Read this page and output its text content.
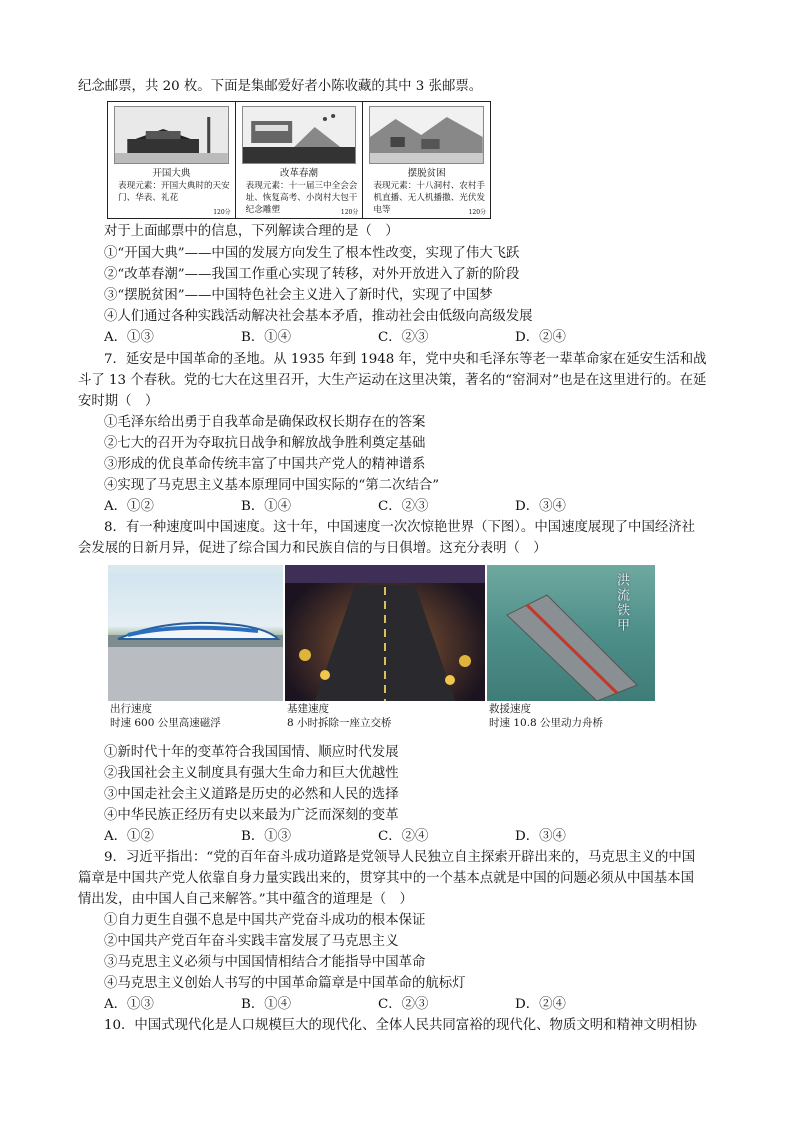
纪念邮票，共 20 枚。下面是集邮爱好者小陈收藏的其中 3 张邮票。
开国大典
表现元素：开国大典时的天安门、华表、礼花
120分
改革春潮
表现元素：十一届三中全会会址、恢复高考、小岗村大包干纪念雕塑	120分
摆脱贫困
表现元素：十八洞村、农村手机直播、无人机播撒、光伏发电等	120分
对于上面邮票中的信息，下列解读合理的是（　）
①“开国大典”——中国的发展方向发生了根本性改变，实现了伟大飞跃
②“改革春潮”——我国工作重心实现了转移，对外开放进入了新的阶段
③“摆脱贫困”——中国特色社会主义进入了新时代，实现了中国梦
④人们通过各种实践活动解决社会基本矛盾，推动社会由低级向高级发展
A．①③	B．①④	C．②③	D．②④
7．延安是中国革命的圣地。从 1935 年到 1948 年，党中央和毛泽东等老一辈革命家在延安生活和战
斗了 13 个春秋。党的七大在这里召开，大生产运动在这里决策，著名的“窑洞对”也是在这里进行的。在延
安时期（　）
①毛泽东给出勇于自我革命是确保政权长期存在的答案
②七大的召开为夺取抗日战争和解放战争胜利奠定基础
③形成的优良革命传统丰富了中国共产党人的精神谱系
④实现了马克思主义基本原理同中国实际的“第二次结合”
A．①②	B．①④	C．②③	D．③④
8．有一种速度叫中国速度。这十年，中国速度一次次惊艳世界（下图）。中国速度展现了中国经济社
会发展的日新月异，促进了综合国力和民族自信的与日俱增。这充分表明（　）
洪流铁甲
出行速度
时速 600 公里高速磁浮
基建速度
8 小时拆除一座立交桥
救援速度
时速 10.8 公里动力舟桥
①新时代十年的变革符合我国国情、顺应时代发展
②我国社会主义制度具有强大生命力和巨大优越性
③中国走社会主义道路是历史的必然和人民的选择
④中华民族正经历有史以来最为广泛而深刻的变革
A．①②	B．①③	C．②④	D．③④
9．习近平指出：“党的百年奋斗成功道路是党领导人民独立自主探索开辟出来的，马克思主义的中国
篇章是中国共产党人依靠自身力量实践出来的，贯穿其中的一个基本点就是中国的问题必须从中国基本国
情出发，由中国人自己来解答。”其中蕴含的道理是（　）
①自力更生自强不息是中国共产党奋斗成功的根本保证
②中国共产党百年奋斗实践丰富发展了马克思主义
③马克思主义必须与中国国情相结合才能指导中国革命
④马克思主义创始人书写的中国革命篇章是中国革命的航标灯
A．①③	B．①④	C．②③	D．②④
10．中国式现代化是人口规模巨大的现代化、全体人民共同富裕的现代化、物质文明和精神文明相协
